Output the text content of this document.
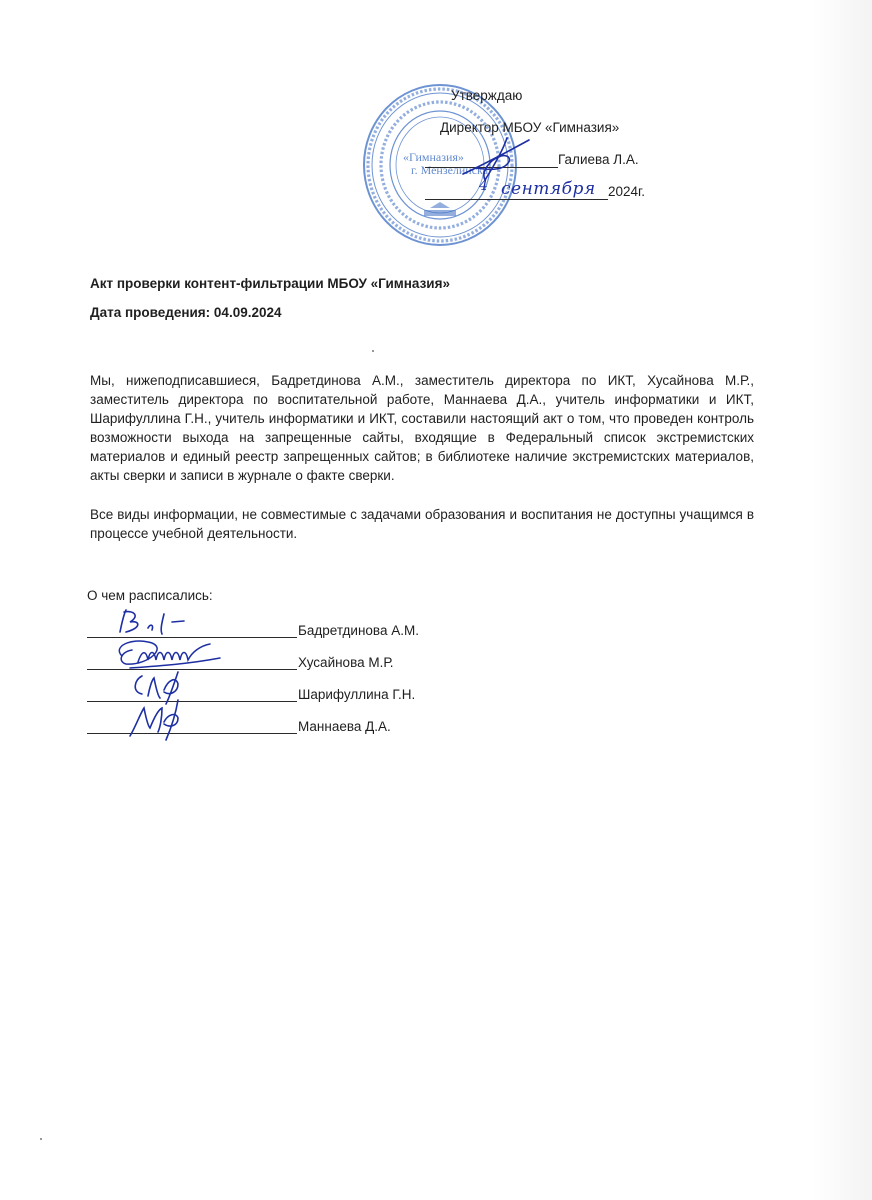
«Гимназия»
г. Мензелинска
Утверждаю
Директор МБОУ «Гимназия»
Галиева Л.А.

4 сентября 2024г.
Акт проверки контент-фильтрации МБОУ «Гимназия»
Дата проведения: 04.09.2024

Мы, нижеподписавшиеся, Бадретдинова А.М., заместитель директора по ИКТ, Хусайнова М.Р., заместитель директора по воспитательной работе, Маннаева Д.А., учитель информатики и ИКТ, Шарифуллина Г.Н., учитель информатики и ИКТ, составили настоящий акт о том, что проведен контроль возможности выхода на запрещенные сайты, входящие в Федеральный список экстремистских материалов и единый реестр запрещенных сайтов; в библиотеке наличие экстремистских материалов, акты сверки и записи в журнале о факте сверки.

Все виды информации, не совместимые с задачами образования и воспитания не доступны учащимся в процессе учебной деятельности.

О чем расписались:
Бадретдинова А.М.
Хусайнова М.Р.
Шарифуллина Г.Н.
Маннаева Д.А.
